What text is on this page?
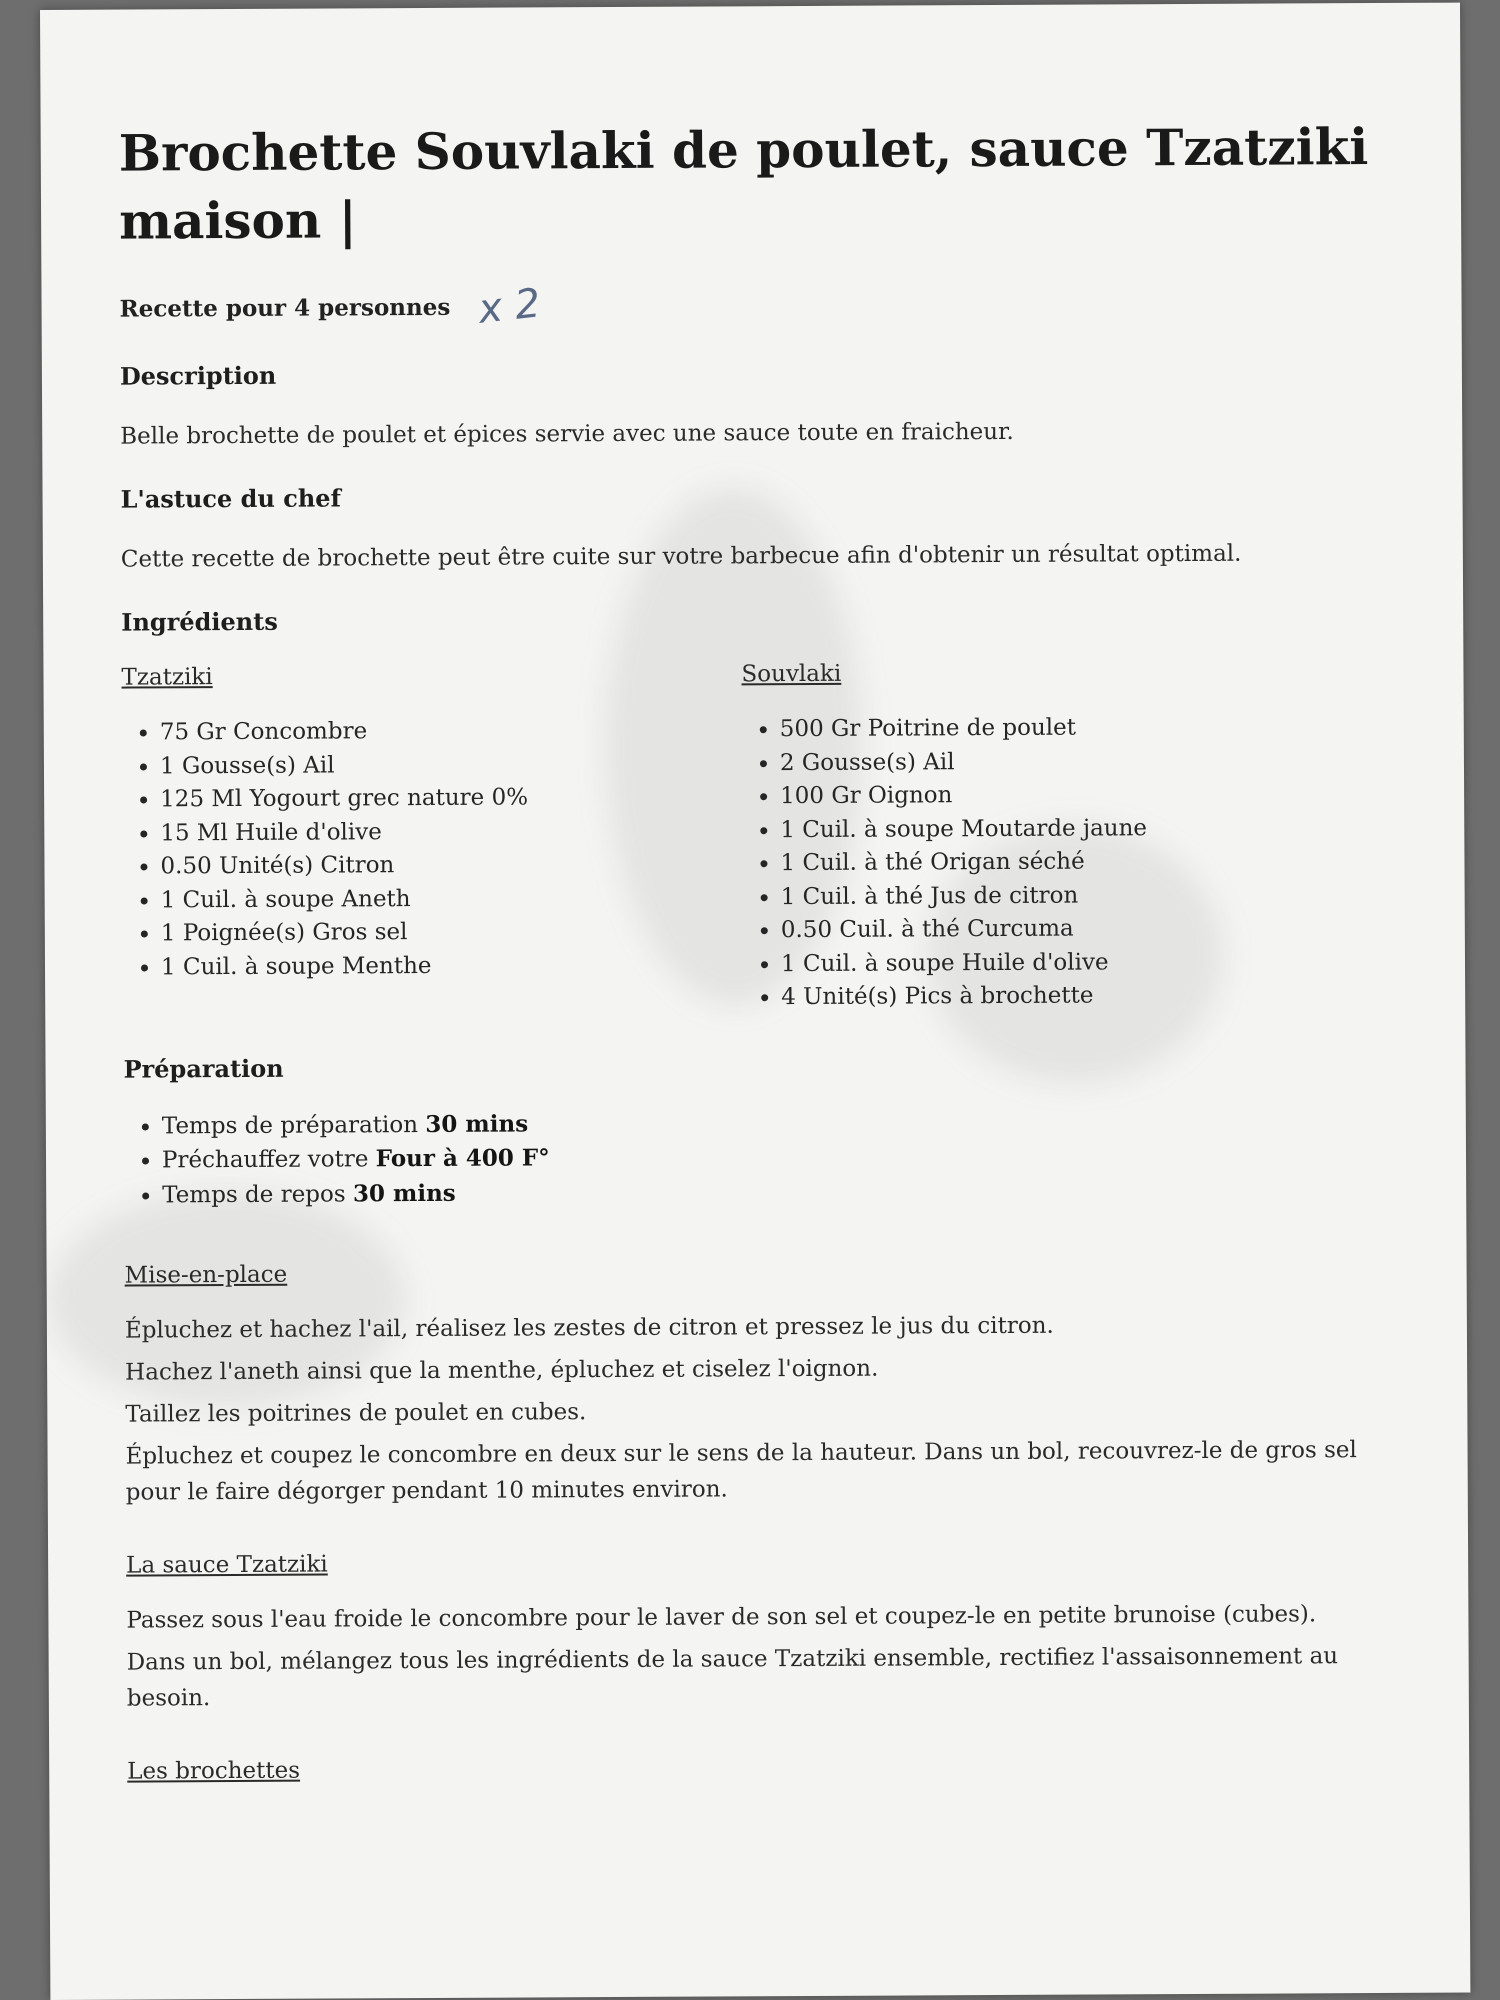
Brochette Souvlaki de poulet, sauce Tzatziki maison |
Recette pour 4 personnes x 2
Description

Belle brochette de poulet et épices servie avec une sauce toute en fraicheur.

L'astuce du chef

Cette recette de brochette peut être cuite sur votre barbecue afin d'obtenir un résultat optimal.

Ingrédients
Tzatziki
• 75 Gr Concombre
• 1 Gousse(s) Ail
• 125 Ml Yogourt grec nature 0%
• 15 Ml Huile d'olive
• 0.50 Unité(s) Citron
• 1 Cuil. à soupe Aneth
• 1 Poignée(s) Gros sel
• 1 Cuil. à soupe Menthe
Souvlaki
• 500 Gr Poitrine de poulet
• 2 Gousse(s) Ail
• 100 Gr Oignon
• 1 Cuil. à soupe Moutarde jaune
• 1 Cuil. à thé Origan séché
• 1 Cuil. à thé Jus de citron
• 0.50 Cuil. à thé Curcuma
• 1 Cuil. à soupe Huile d'olive
• 4 Unité(s) Pics à brochette
Préparation
• Temps de préparation 30 mins
• Préchauffez votre Four à 400 F°
• Temps de repos 30 mins
Mise-en-place

Épluchez et hachez l'ail, réalisez les zestes de citron et pressez le jus du citron.

Hachez l'aneth ainsi que la menthe, épluchez et ciselez l'oignon.

Taillez les poitrines de poulet en cubes.

Épluchez et coupez le concombre en deux sur le sens de la hauteur. Dans un bol, recouvrez-le de gros sel pour le faire dégorger pendant 10 minutes environ.

La sauce Tzatziki

Passez sous l'eau froide le concombre pour le laver de son sel et coupez-le en petite brunoise (cubes).

Dans un bol, mélangez tous les ingrédients de la sauce Tzatziki ensemble, rectifiez l'assaisonnement au besoin.

Les brochettes
